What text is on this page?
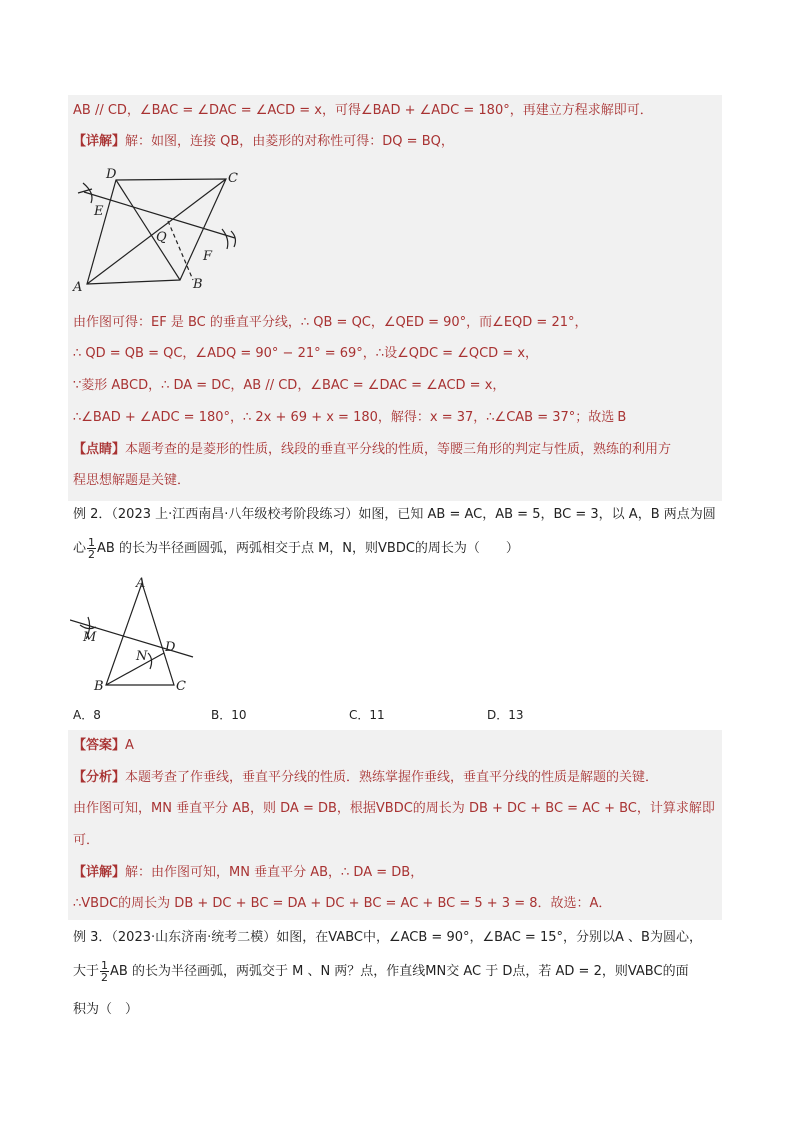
AB // CD，∠BAC = ∠DAC = ∠ACD = x，可得∠BAD + ∠ADC = 180°，再建立方程求解即可．
【详解】解：如图，连接 QB，由菱形的对称性可得：DQ = BQ，
D	C
E
Q
F
A	B
由作图可得：EF 是 BC 的垂直平分线，∴ QB = QC，∠QED = 90°，而∠EQD = 21°，
∴ QD = QB = QC，∠ADQ = 90° − 21° = 69°，∴设∠QDC = ∠QCD = x，
∵菱形 ABCD，∴ DA = DC，AB // CD，∠BAC = ∠DAC = ∠ACD = x，
∴∠BAD + ∠ADC = 180°，∴ 2x + 69 + x = 180，解得：x = 37，∴∠CAB = 37°；故选 B
【点睛】本题考查的是菱形的性质，线段的垂直平分线的性质，等腰三角形的判定与性质，熟练的利用方
程思想解题是关键．
例 2．（2023 上·江西南昌·八年级校考阶段练习）如图，已知 AB = AC，AB = 5，BC = 3，以 A，B 两点为圆
心 $\frac{1}{2}$ AB 的长为半径画圆弧，两弧相交于点 M，N，则VBDC的周长为（　　）
A
M
D
N
B	C
A．8	B．10	C．11	D．13
【答案】A
【分析】本题考查了作垂线，垂直平分线的性质．熟练掌握作垂线，垂直平分线的性质是解题的关键．
由作图可知，MN 垂直平分 AB，则 DA = DB，根据VBDC的周长为 DB + DC + BC = AC + BC，计算求解即
可．
【详解】解：由作图可知，MN 垂直平分 AB，∴ DA = DB，
∴VBDC的周长为 DB + DC + BC = DA + DC + BC = AC + BC = 5 + 3 = 8．故选：A．
例 3．（2023·山东济南·统考二模）如图，在VABC中，∠ACB = 90°，∠BAC = 15°，分别以A 、B为圆心，
大于 $\frac{1}{2}$ AB 的长为半径画弧，两弧交于 M 、N 两？点，作直线MN交 AC 于 D点，若 AD = 2，则VABC的面
积为（　）
